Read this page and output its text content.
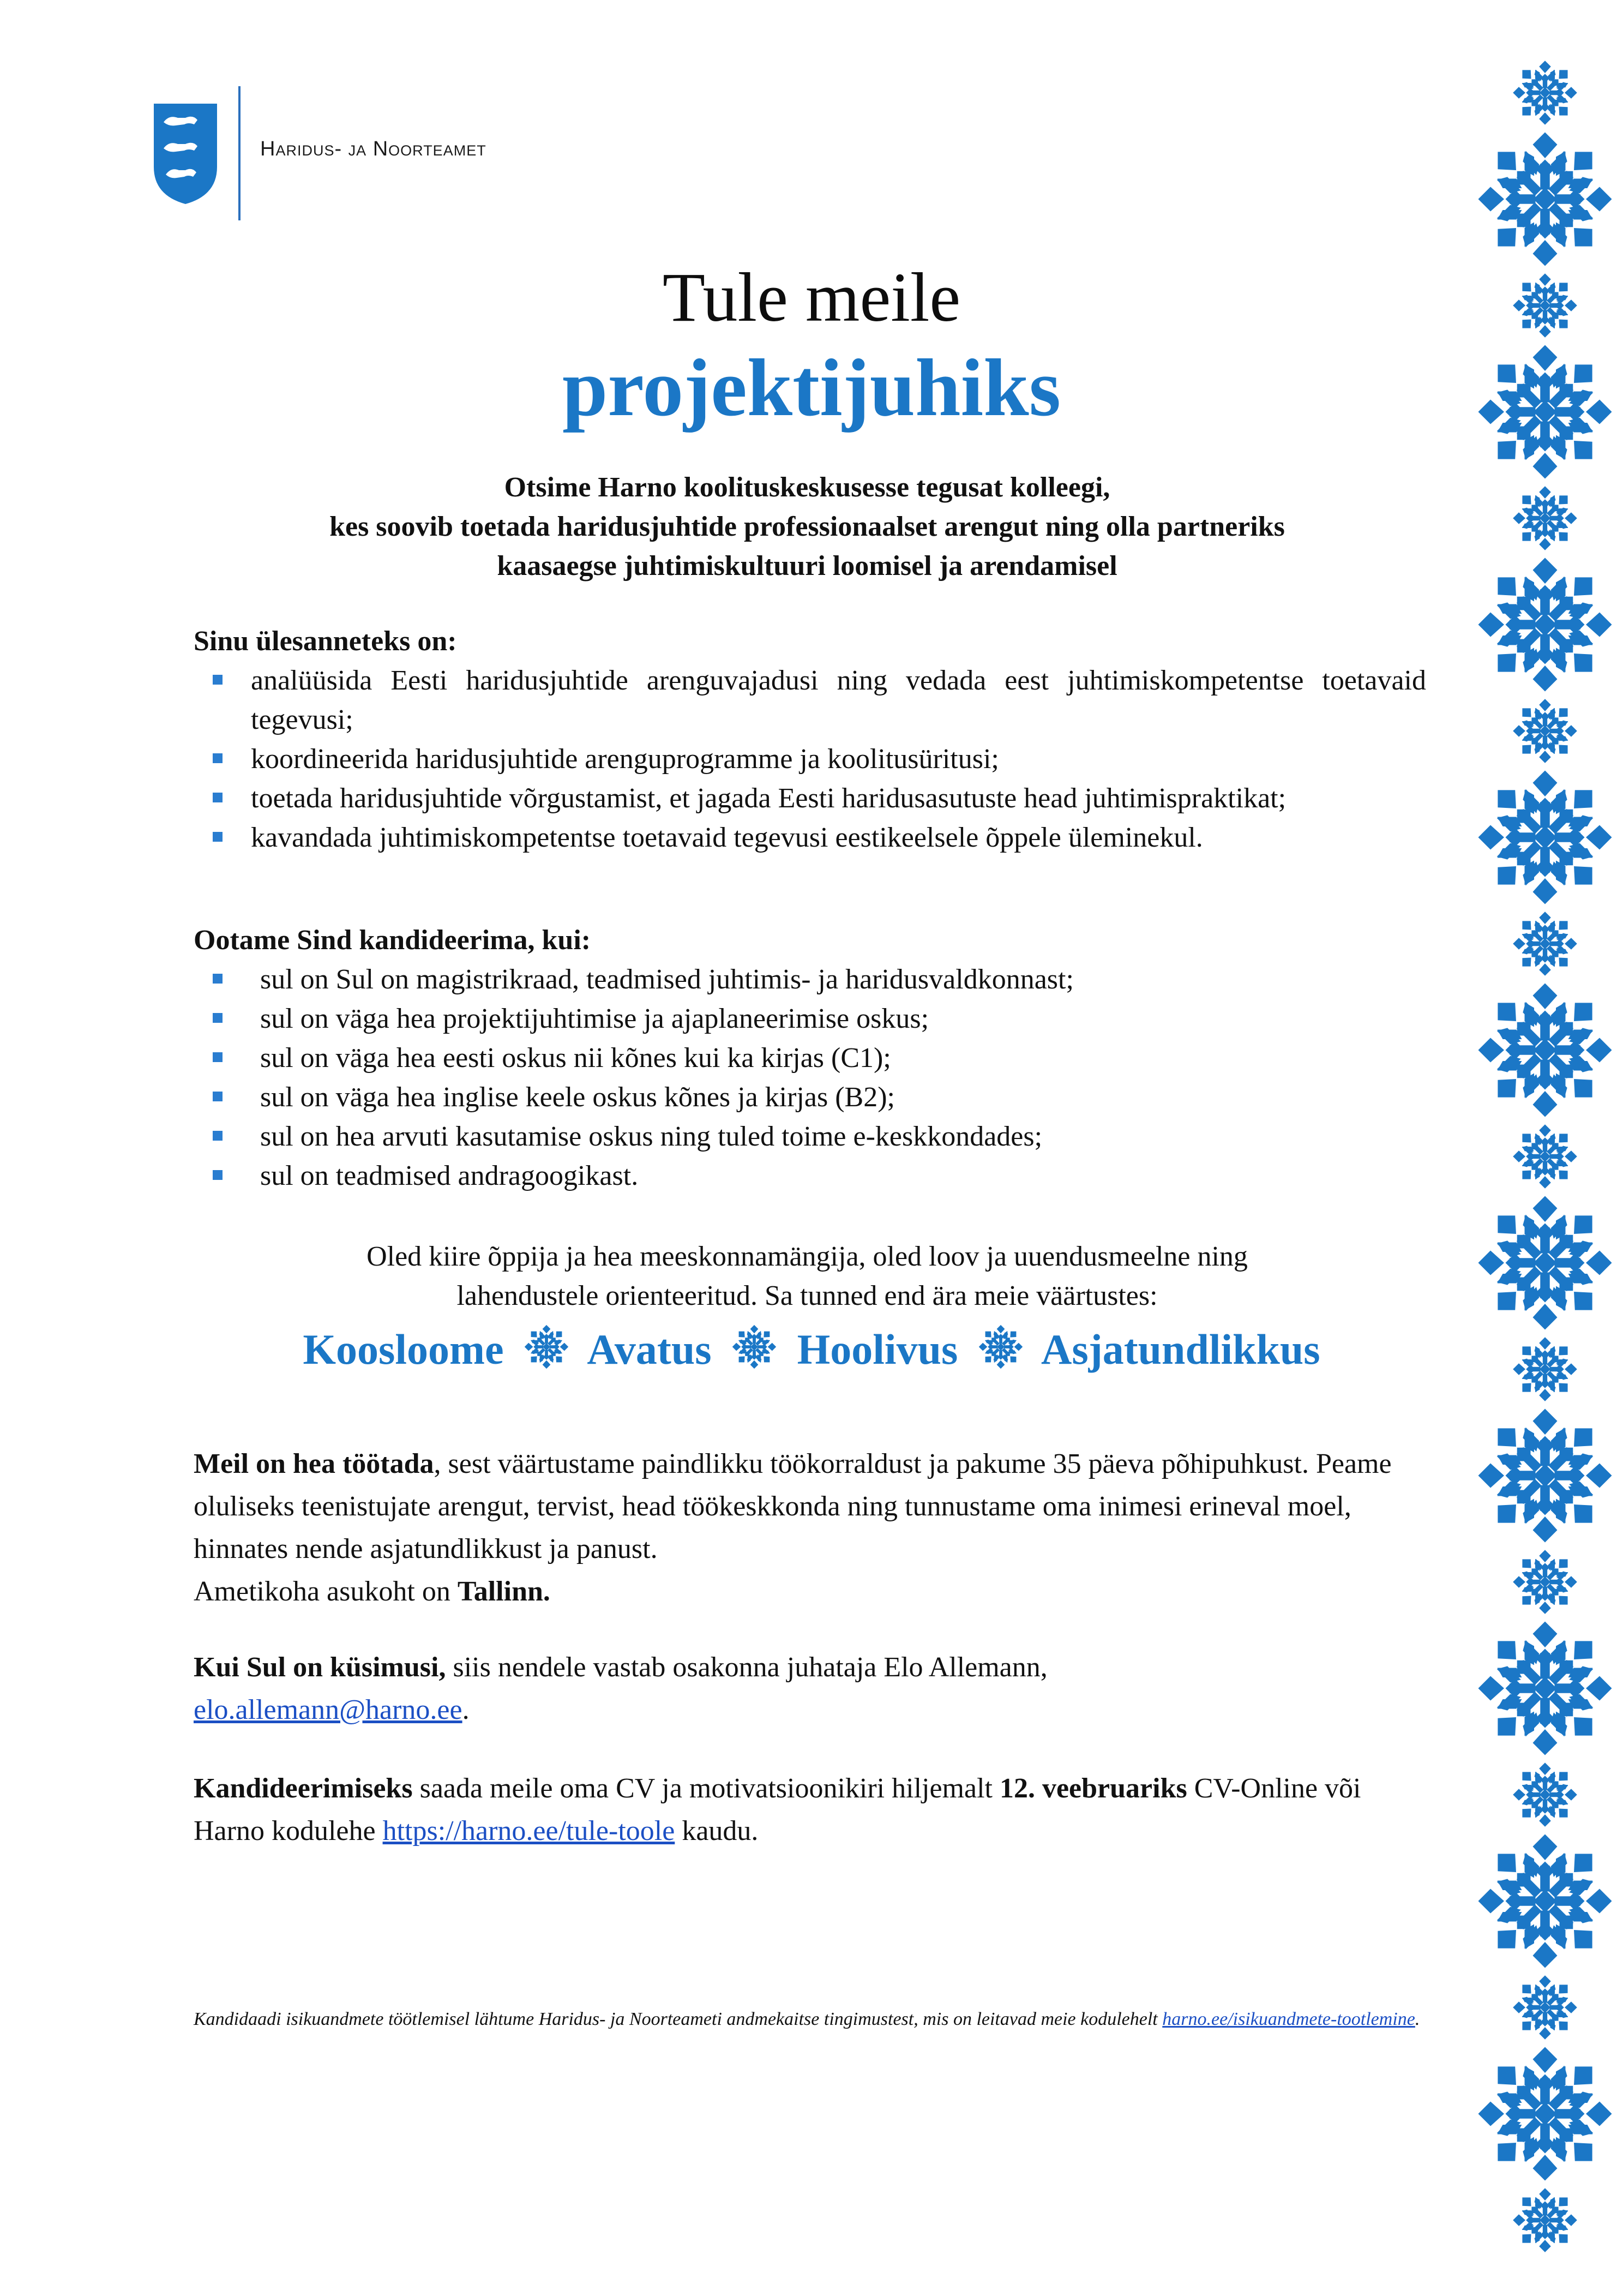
Haridus- ja Noorteamet
Tule meile
projektijuhiks
Otsime Harno koolituskeskusesse tegusat kolleegi,
kes soovib toetada haridusjuhtide professionaalset arengut ning olla partneriks
kaasaegse juhtimiskultuuri loomisel ja arendamisel
Sinu ülesanneteks on:
analüüsida Eesti haridusjuhtide arenguvajadusi ning vedada eest juhtimiskompetentse toetavaid tegevusi;
koordineerida haridusjuhtide arenguprogramme ja koolitusüritusi;
toetada haridusjuhtide võrgustamist, et jagada Eesti haridusasutuste head juhtimispraktikat;
kavandada juhtimiskompetentse toetavaid tegevusi eestikeelsele õppele üleminekul.
Ootame Sind kandideerima, kui:
sul on Sul on magistrikraad, teadmised juhtimis- ja haridusvaldkonnast;
sul on väga hea projektijuhtimise ja ajaplaneerimise oskus;
sul on väga hea eesti oskus nii kõnes kui ka kirjas (C1);
sul on väga hea inglise keele oskus kõnes ja kirjas (B2);
sul on hea arvuti kasutamise oskus ning tuled toime e-keskkondades;
sul on teadmised andragoogikast.
Oled kiire õppija ja hea meeskonnamängija, oled loov ja uuendusmeelne ning
lahendustele orienteeritud. Sa tunned end ära meie väärtustes:
Koosloome Avatus Hoolivus Asjatundlikkus
Meil on hea töötada, sest väärtustame paindlikku töökorraldust ja pakume 35 päeva põhipuhkust. Peame oluliseks teenistujate arengut, tervist, head töökeskkonda ning tunnustame oma inimesi erineval moel, hinnates nende asjatundlikkust ja panust.
Ametikoha asukoht on Tallinn.
Kui Sul on küsimusi, siis nendele vastab osakonna juhataja Elo Allemann,
elo.allemann@harno.ee.
Kandideerimiseks saada meile oma CV ja motivatsioonikiri hiljemalt 12. veebruariks CV-Online või Harno kodulehe https://harno.ee/tule-toole kaudu.
Kandidaadi isikuandmete töötlemisel lähtume Haridus- ja Noorteameti andmekaitse tingimustest, mis on leitavad meie kodulehelt harno.ee/isikuandmete-tootlemine.
